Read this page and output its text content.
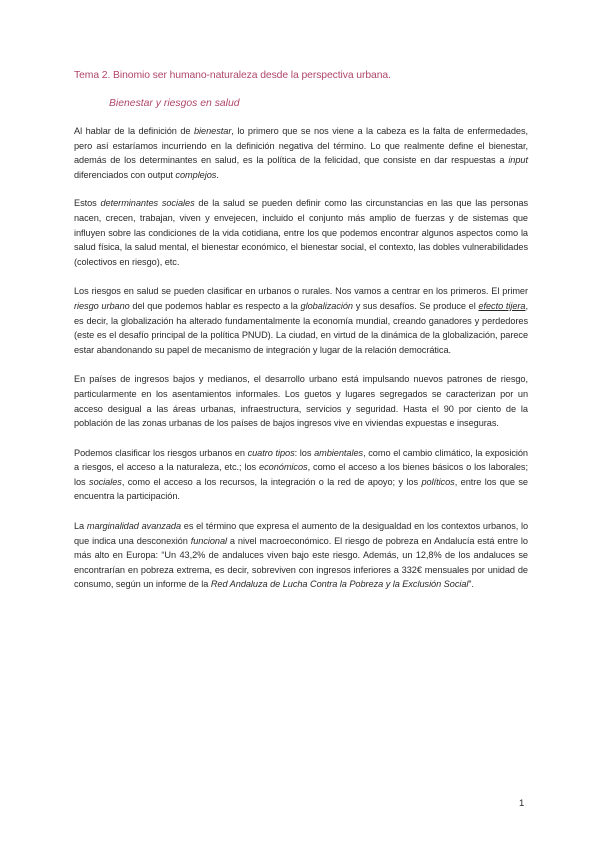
Tema 2. Binomio ser humano-naturaleza desde la perspectiva urbana.
Bienestar y riesgos en salud

Al hablar de la definición de bienestar, lo primero que se nos viene a la cabeza es la falta de enfermedades, pero así estaríamos incurriendo en la definición negativa del término. Lo que realmente define el bienestar, además de los determinantes en salud, es la política de la felicidad, que consiste en dar respuestas a input diferenciados con output complejos.

Estos determinantes sociales de la salud se pueden definir como las circunstancias en las que las personas nacen, crecen, trabajan, viven y envejecen, incluido el conjunto más amplio de fuerzas y de sistemas que influyen sobre las condiciones de la vida cotidiana, entre los que podemos encontrar algunos aspectos como la salud física, la salud mental, el bienestar económico, el bienestar social, el contexto, las dobles vulnerabilidades (colectivos en riesgo), etc.

Los riesgos en salud se pueden clasificar en urbanos o rurales. Nos vamos a centrar en los primeros. El primer riesgo urbano del que podemos hablar es respecto a la globalización y sus desafíos. Se produce el efecto tijera, es decir, la globalización ha alterado fundamentalmente la economía mundial, creando ganadores y perdedores (este es el desafío principal de la política PNUD). La ciudad, en virtud de la dinámica de la globalización, parece estar abandonando su papel de mecanismo de integración y lugar de la relación democrática.

En países de ingresos bajos y medianos, el desarrollo urbano está impulsando nuevos patrones de riesgo, particularmente en los asentamientos informales. Los guetos y lugares segregados se caracterizan por un acceso desigual a las áreas urbanas, infraestructura, servicios y seguridad. Hasta el 90 por ciento de la población de las zonas urbanas de los países de bajos ingresos vive en viviendas expuestas e inseguras.

Podemos clasificar los riesgos urbanos en cuatro tipos: los ambientales, como el cambio climático, la exposición a riesgos, el acceso a la naturaleza, etc.; los económicos, como el acceso a los bienes básicos o los laborales; los sociales, como el acceso a los recursos, la integración o la red de apoyo; y los políticos, entre los que se encuentra la participación.

La marginalidad avanzada es el término que expresa el aumento de la desigualdad en los contextos urbanos, lo que indica una desconexión funcional a nivel macroeconómico. El riesgo de pobreza en Andalucía está entre lo más alto en Europa: “Un 43,2% de andaluces viven bajo este riesgo. Además, un 12,8% de los andaluces se encontrarían en pobreza extrema, es decir, sobreviven con ingresos inferiores a 332€ mensuales por unidad de consumo, según un informe de la Red Andaluza de Lucha Contra la Pobreza y la Exclusión Social”.

1
